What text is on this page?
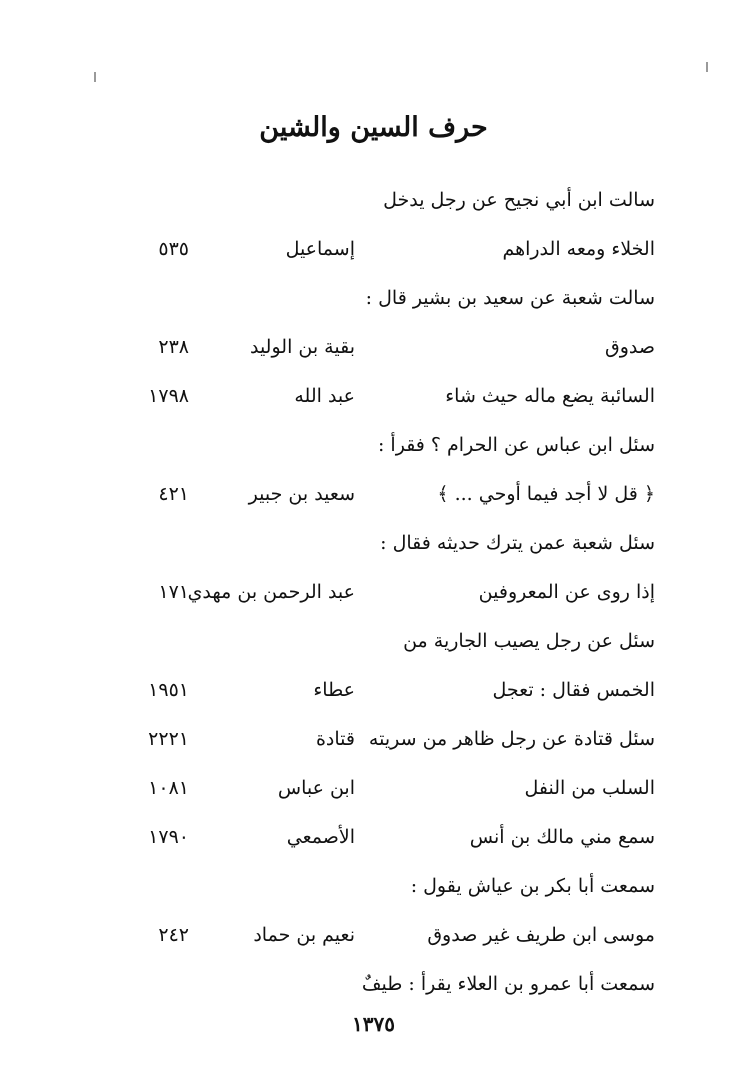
حرف السين والشين
سالت ابن أبي نجيح عن رجل يدخل
الخلاء ومعه الدراهم
إسماعيل
٥٣٥
سالت شعبة عن سعيد بن بشير قال :
صدوق
بقية بن الوليد
٢٣٨
السائبة يضع ماله حيث شاء
عبد الله
١٧٩٨
سئل ابن عباس عن الحرام ؟ فقرأ :
﴿ قل لا أجد فيما أوحي ... ﴾
سعيد بن جبير
٤٢١
سئل شعبة عمن يترك حديثه فقال :
إذا روى عن المعروفين
عبد الرحمن بن مهدي
١٧١
سئل عن رجل يصيب الجارية من
الخمس فقال : تعجل
عطاء
١٩٥١
سئل قتادة عن رجل ظاهر من سريته
قتادة
٢٢٢١
السلب من النفل
ابن عباس
١٠٨١
سمع مني مالك بن أنس
الأصمعي
١٧٩٠
سمعت أبا بكر بن عياش يقول :
موسى ابن طريف غير صدوق
نعيم بن حماد
٢٤٢
سمعت أبا عمرو بن العلاء يقرأ : طيفٌ
١٣٧٥
